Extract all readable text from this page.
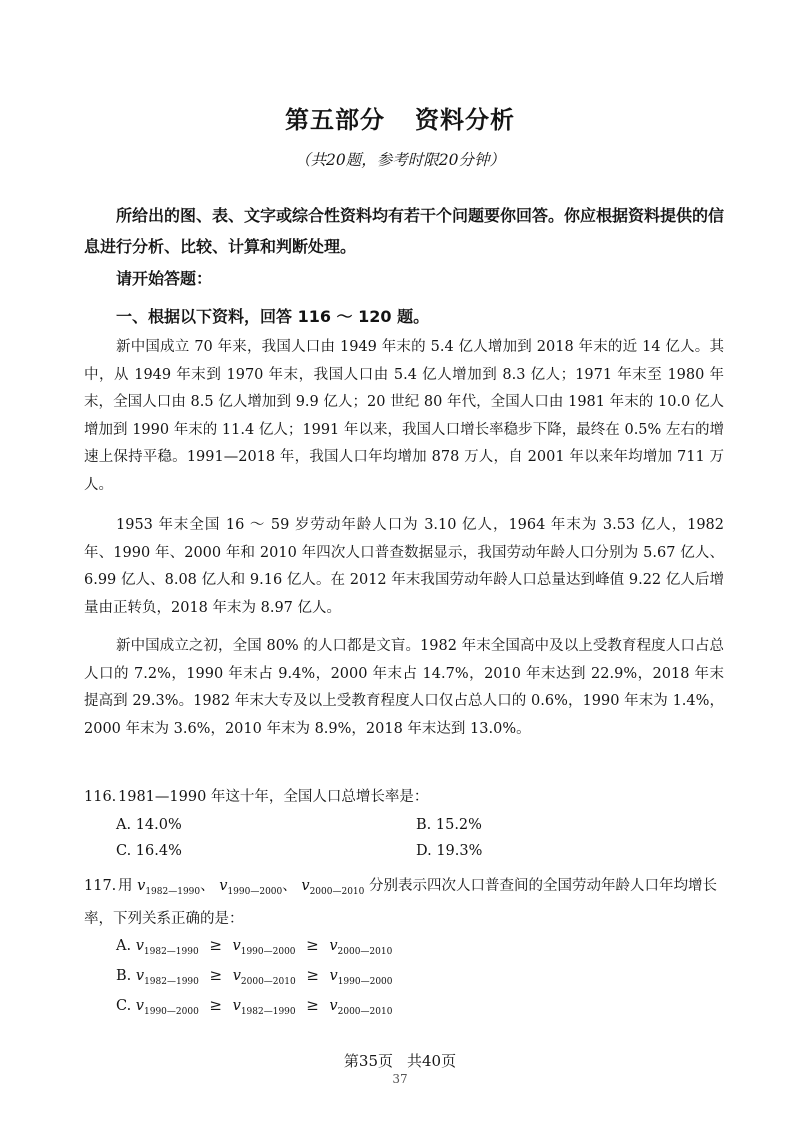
第五部分 资料分析
（共20题，参考时限20分钟）

所给出的图、表、文字或综合性资料均有若干个问题要你回答。你应根据资料提供的信息进行分析、比较、计算和判断处理。

请开始答题：
一、根据以下资料，回答 116 ～ 120 题。

新中国成立 70 年来，我国人口由 1949 年末的 5.4 亿人增加到 2018 年末的近 14 亿人。其中，从 1949 年末到 1970 年末，我国人口由 5.4 亿人增加到 8.3 亿人；1971 年末至 1980 年末，全国人口由 8.5 亿人增加到 9.9 亿人；20 世纪 80 年代，全国人口由 1981 年末的 10.0 亿人增加到 1990 年末的 11.4 亿人；1991 年以来，我国人口增长率稳步下降，最终在 0.5% 左右的增速上保持平稳。1991—2018 年，我国人口年均增加 878 万人，自 2001 年以来年均增加 711 万人。

1953 年末全国 16 ～ 59 岁劳动年龄人口为 3.10 亿人，1964 年末为 3.53 亿人，1982 年、1990 年、2000 年和 2010 年四次人口普查数据显示，我国劳动年龄人口分别为 5.67 亿人、6.99 亿人、8.08 亿人和 9.16 亿人。在 2012 年末我国劳动年龄人口总量达到峰值 9.22 亿人后增量由正转负，2018 年末为 8.97 亿人。

新中国成立之初，全国 80% 的人口都是文盲。1982 年末全国高中及以上受教育程度人口占总人口的 7.2%，1990 年末占 9.4%，2000 年末占 14.7%，2010 年末达到 22.9%，2018 年末提高到 29.3%。1982 年末大专及以上受教育程度人口仅占总人口的 0.6%，1990 年末为 1.4%，2000 年末为 3.6%，2010 年末为 8.9%，2018 年末达到 13.0%。

116. 1981—1990 年这十年，全国人口总增长率是：
A. 14.0%	B. 15.2%
C. 16.4%	D. 19.3%
117. 用 $v_{1982—1990}$、 $v_{1990—2000}$、 $v_{2000—2010}$ 分别表示四次人口普查间的全国劳动年龄人口年均增长率，下列关系正确的是：
A. $v_{1982—1990} \ge v_{1990—2000} \ge v_{2000—2010}$
B. $v_{1982—1990} \ge v_{2000—2010} \ge v_{1990—2000}$
C. $v_{1990—2000} \ge v_{1982—1990} \ge v_{2000—2010}$
第35页 共40页
37
